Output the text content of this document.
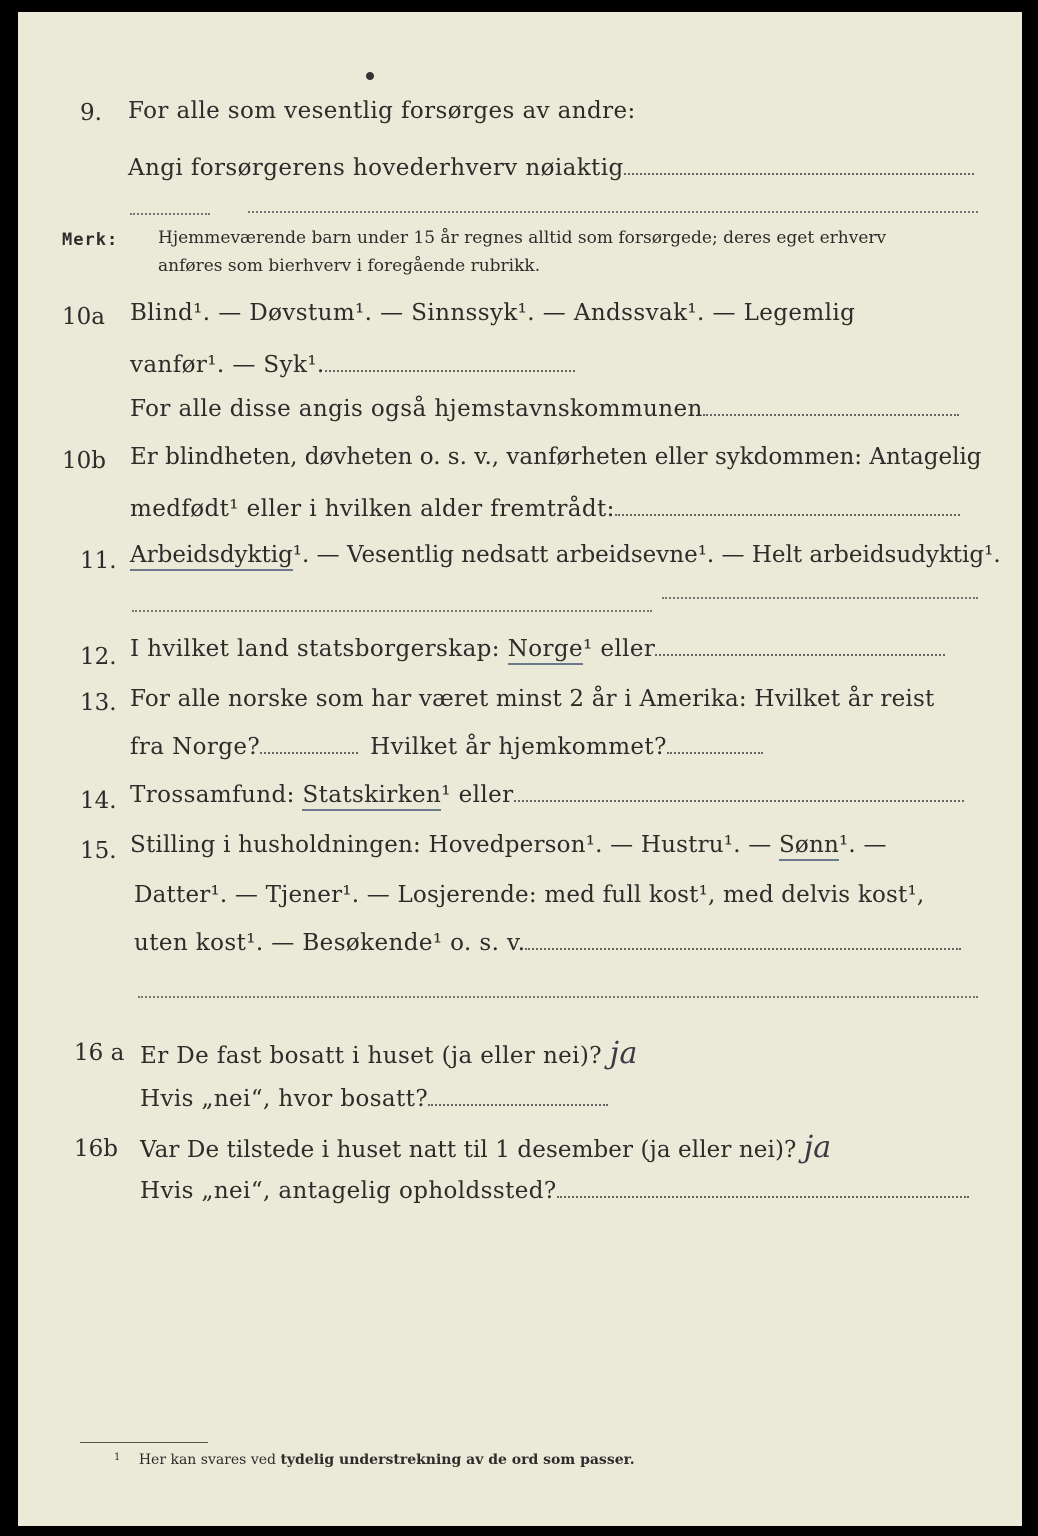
9. For alle som vesentlig forsørges av andre:
Angi forsørgerens hovederhverv nøiaktig
Merk: Hjemmeværende barn under 15 år regnes alltid som forsørgede; deres eget erhverv
anføres som bierhverv i foregående rubrikk.
10a Blind¹. — Døvstum¹. — Sinnssyk¹. — Andssvak¹. — Legemlig
vanfør¹. — Syk¹.
For alle disse angis også hjemstavnskommunen
10b Er blindheten, døvheten o. s. v., vanførheten eller sykdommen: Antagelig
medfødt¹ eller i hvilken alder fremtrådt:
11. Arbeidsdyktig¹. — Vesentlig nedsatt arbeidsevne¹. — Helt arbeidsudyktig¹.
12. I hvilket land statsborgerskap: Norge¹ eller
13. For alle norske som har været minst 2 år i Amerika: Hvilket år reist
fra Norge?	Hvilket år hjemkommet?
14. Trossamfund: Statskirken¹ eller
15. Stilling i husholdningen: Hovedperson¹. — Hustru¹. — Sønn¹. —
Datter¹. — Tjener¹. — Losjerende: med full kost¹, med delvis kost¹,
uten kost¹. — Besøkende¹ o. s. v.
16 a Er De fast bosatt i huset (ja eller nei)? ja
Hvis „nei“, hvor bosatt?
16b Var De tilstede i huset natt til 1 desember (ja eller nei)? ja
Hvis „nei“, antagelig opholdssted?
$^1$ Her kan svares ved tydelig understrekning av de ord som passer.
